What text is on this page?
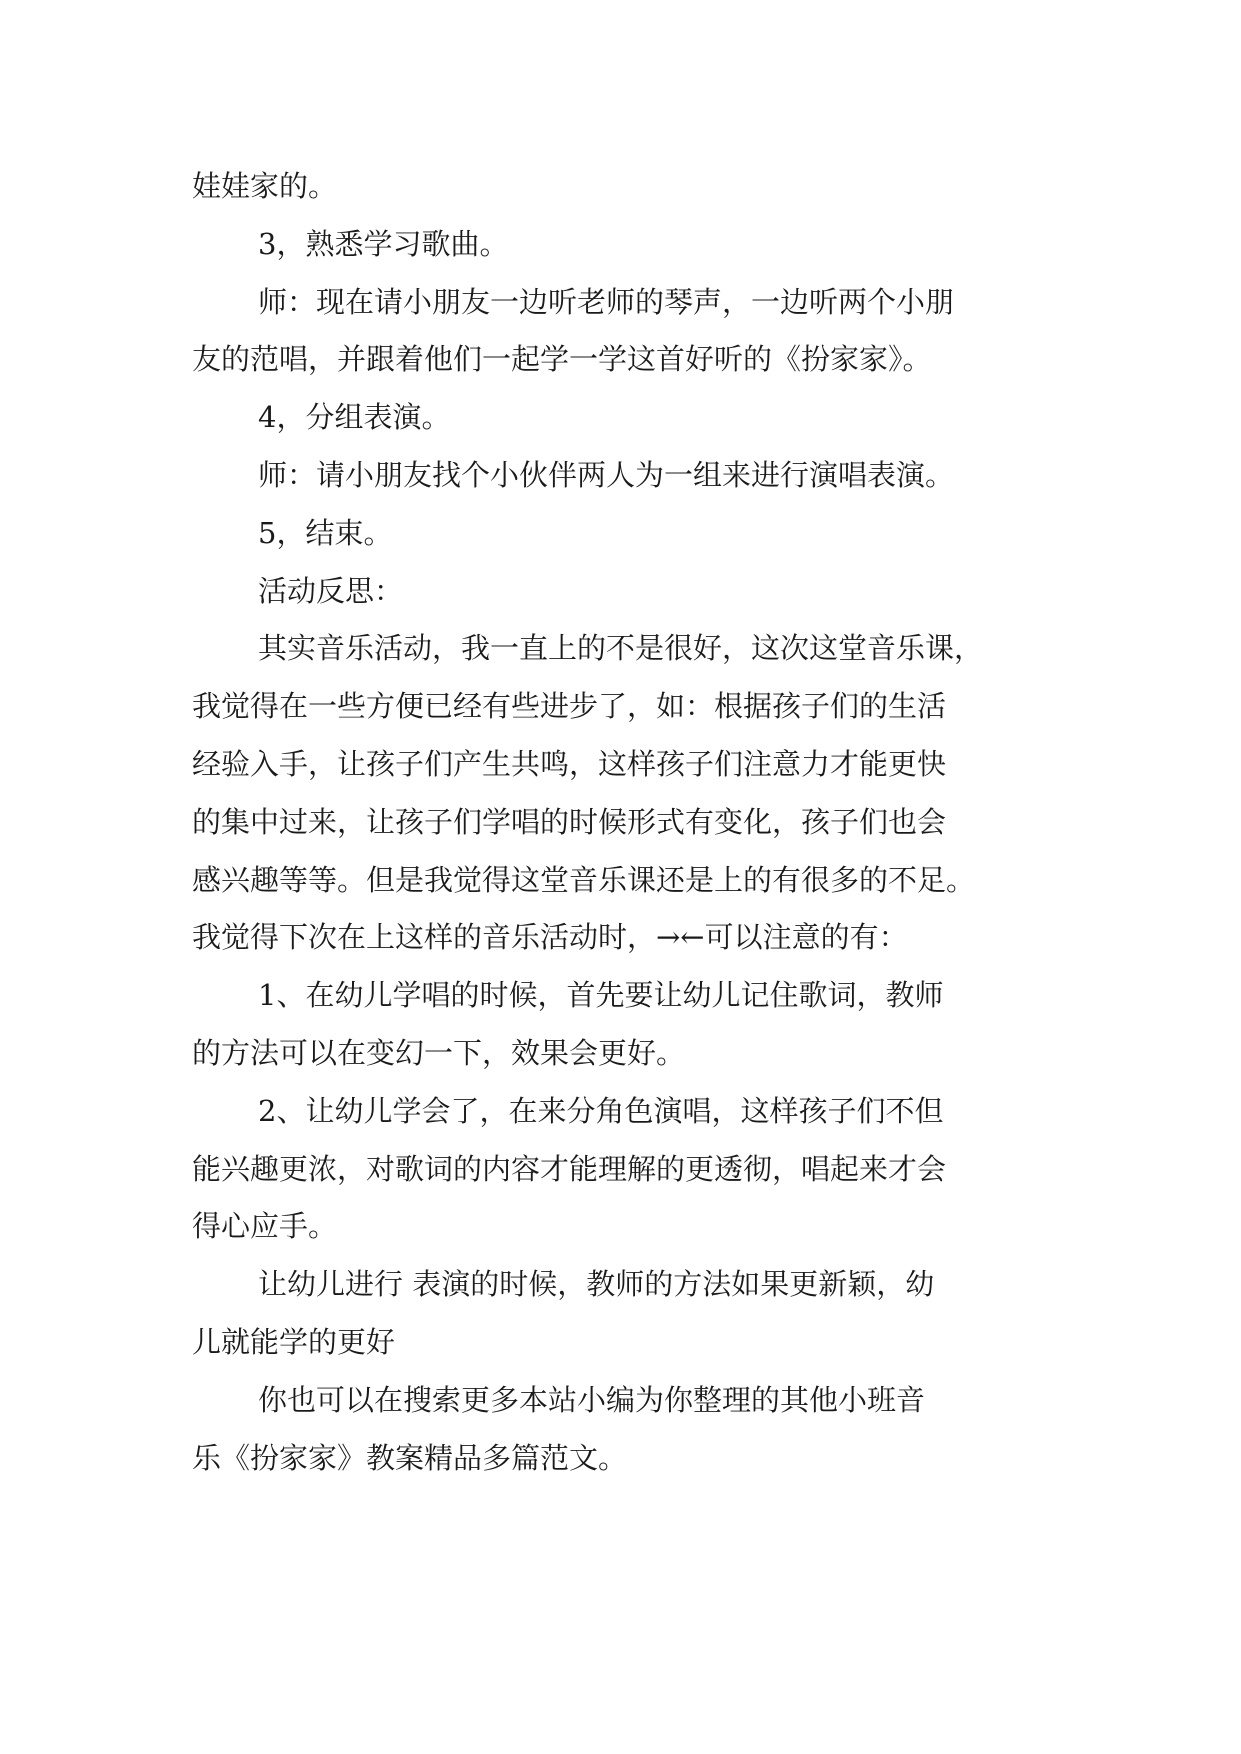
娃娃家的。
3，熟悉学习歌曲。
师：现在请小朋友一边听老师的琴声，一边听两个小朋
友的范唱，并跟着他们一起学一学这首好听的《扮家家》。
4，分组表演。
师：请小朋友找个小伙伴两人为一组来进行演唱表演。
5，结束。
活动反思：
其实音乐活动，我一直上的不是很好，这次这堂音乐课，
我觉得在一些方便已经有些进步了，如：根据孩子们的生活
经验入手，让孩子们产生共鸣，这样孩子们注意力才能更快
的集中过来，让孩子们学唱的时候形式有变化，孩子们也会
感兴趣等等。但是我觉得这堂音乐课还是上的有很多的不足。
我觉得下次在上这样的音乐活动时，→←可以注意的有：
1、在幼儿学唱的时候，首先要让幼儿记住歌词，教师
的方法可以在变幻一下，效果会更好。
2、让幼儿学会了，在来分角色演唱，这样孩子们不但
能兴趣更浓，对歌词的内容才能理解的更透彻，唱起来才会
得心应手。
让幼儿进行 表演的时候，教师的方法如果更新颖，幼
儿就能学的更好
你也可以在搜索更多本站小编为你整理的其他小班音
乐《扮家家》教案精品多篇范文。
